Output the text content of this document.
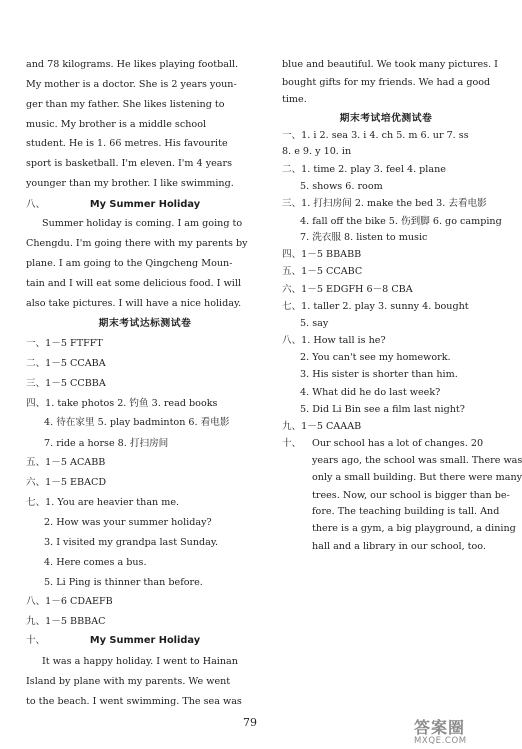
and 78 kilograms. He likes playing football.
My mother is a doctor. She is 2 years youn-
ger than my father. She likes listening to
music. My brother is a middle school
student. He is 1. 66 metres. His favourite
sport is basketball. I'm eleven. I'm 4 years
younger than my brother. I like swimming.
八、	My Summer Holiday
Summer holiday is coming. I am going to
Chengdu. I'm going there with my parents by
plane. I am going to the Qingcheng Moun-
tain and I will eat some delicious food. I will
also take pictures. I will have a nice holiday.
期末考试达标测试卷
一、1－5 FTFFT
二、1－5 CCABA
三、1－5 CCBBA
四、1. take photos 2. 钓鱼 3. read books
4. 待在家里 5. play badminton 6. 看电影
7. ride a horse 8. 打扫房间
五、1－5 ACABB
六、1－5 EBACD
七、1. You are heavier than me.
2. How was your summer holiday?
3. I visited my grandpa last Sunday.
4. Here comes a bus.
5. Li Ping is thinner than before.
八、1－6 CDAEFB
九、1－5 BBBAC
十、	My Summer Holiday
It was a happy holiday. I went to Hainan
Island by plane with my parents. We went
to the beach. I went swimming. The sea was
blue and beautiful. We took many pictures. I
bought gifts for my friends. We had a good
time.
期末考试培优测试卷
一、1. i 2. sea 3. i 4. ch 5. m 6. ur 7. ss
8. e 9. y 10. in
二、1. time 2. play 3. feel 4. plane
5. shows 6. room
三、1. 打扫房间 2. make the bed 3. 去看电影
4. fall off the bike 5. 伤到脚 6. go camping
7. 洗衣服 8. listen to music
四、1－5 BBABB
五、1－5 CCABC
六、1－5 EDGFH 6－8 CBA
七、1. taller 2. play 3. sunny 4. bought
5. say
八、1. How tall is he?
2. You can't see my homework.
3. His sister is shorter than him.
4. What did he do last week?
5. Did Li Bin see a film last night?
九、1－5 CAAAB
十、 Our school has a lot of changes. 20
years ago, the school was small. There was
only a small building. But there were many
trees. Now, our school is bigger than be-
fore. The teaching building is tall. And
there is a gym, a big playground, a dining
hall and a library in our school, too.
79	答案圈
MXQE.COM
